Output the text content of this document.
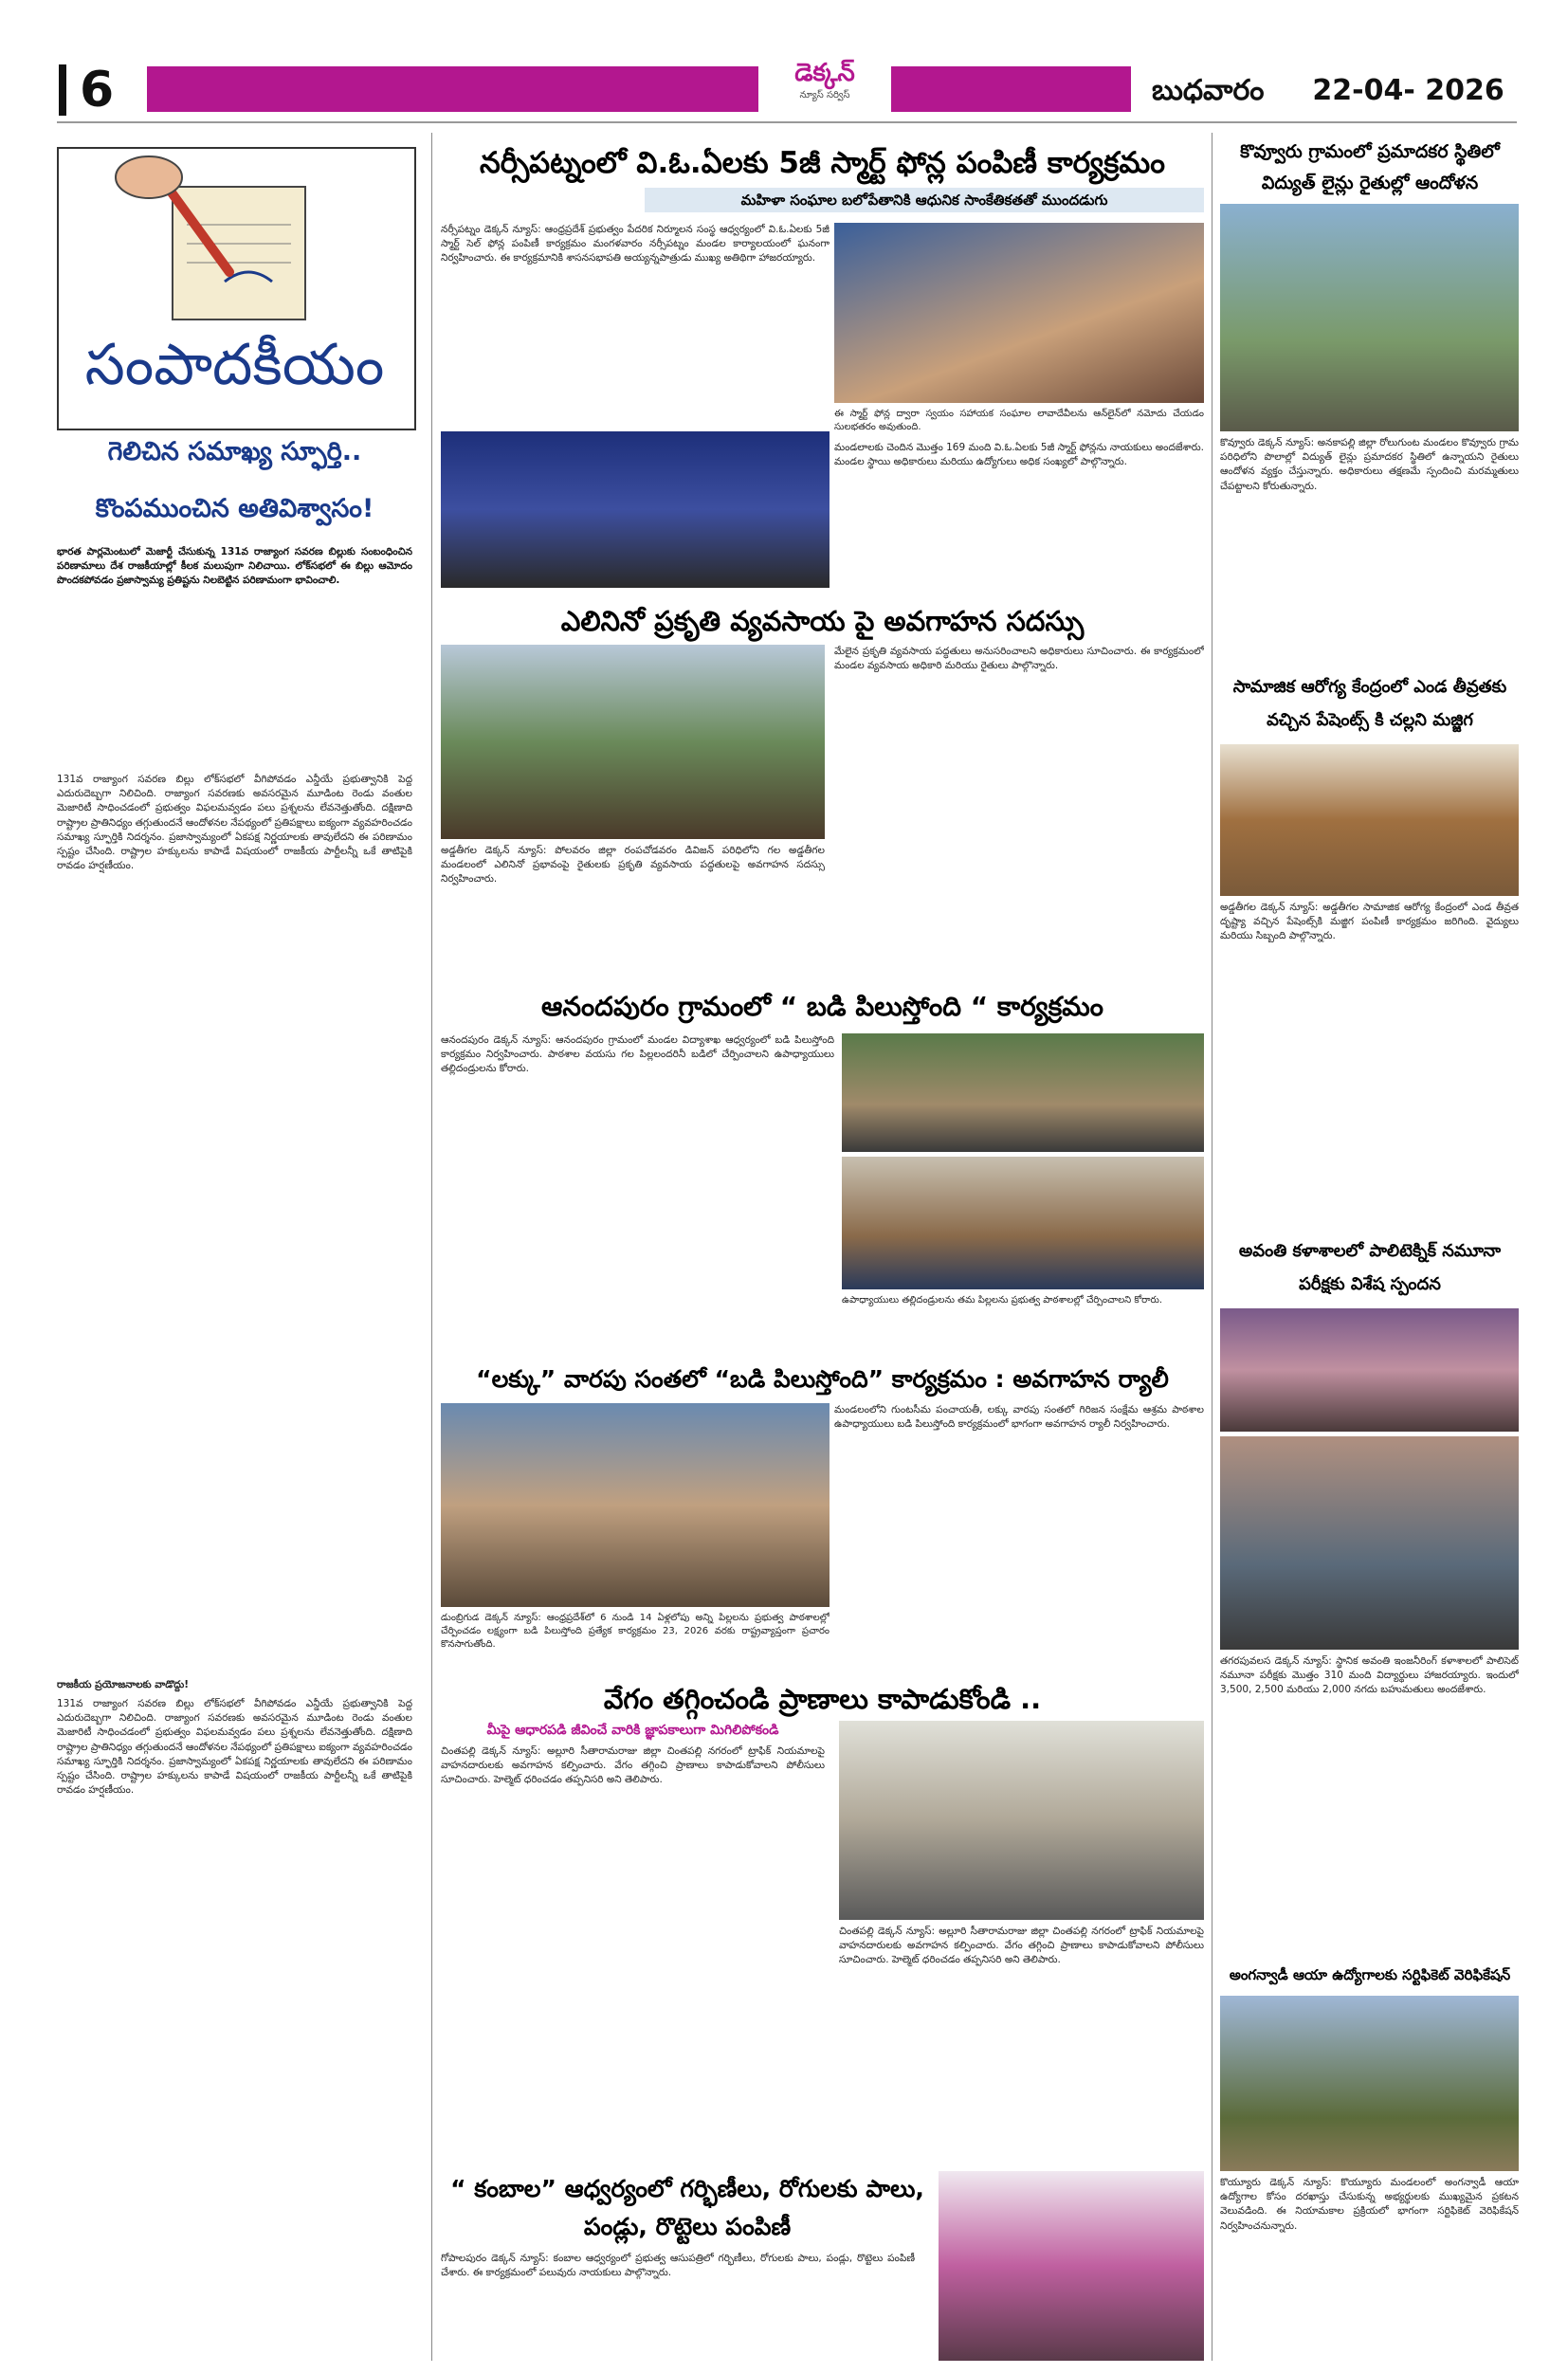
6	డెక్కన్
న్యూస్ సర్విస్	బుధవారం 22-04- 2026
సంపాదకీయం
గెలిచిన సమాఖ్య స్ఫూర్తి..
కొంపముంచిన అతివిశ్వాసం!
భారత పార్లమెంటులో మెజార్టీ చేసుకున్న 131వ రాజ్యాంగ సవరణ బిల్లుకు సంబంధించిన పరిణామాలు దేశ రాజకీయాల్లో కీలక మలుపుగా నిలిచాయి. లోక్‌సభలో ఈ బిల్లు ఆమోదం పొందకపోవడం ప్రజాస్వామ్య ప్రతిష్టను నిలబెట్టిన పరిణామంగా భావించాలి.
131వ రాజ్యాంగ సవరణ బిల్లు లోక్‌సభలో వీగిపోవడం ఎన్డీయే ప్రభుత్వానికి పెద్ద ఎదురుదెబ్బగా నిలిచింది. రాజ్యాంగ సవరణకు అవసరమైన మూడింట రెండు వంతుల మెజారిటీ సాధించడంలో ప్రభుత్వం విఫలమవ్వడం పలు ప్రశ్నలను లేవనెత్తుతోంది. దక్షిణాది రాష్ట్రాల ప్రాతినిధ్యం తగ్గుతుందనే ఆందోళనల నేపథ్యంలో ప్రతిపక్షాలు ఐక్యంగా వ్యవహరించడం సమాఖ్య స్ఫూర్తికి నిదర్శనం. ప్రజాస్వామ్యంలో ఏకపక్ష నిర్ణయాలకు తావులేదని ఈ పరిణామం స్పష్టం చేసింది. రాష్ట్రాల హక్కులను కాపాడే విషయంలో రాజకీయ పార్టీలన్నీ ఒకే తాటిపైకి రావడం హర్షణీయం.
రాజకీయ ప్రయోజనాలకు వాడొద్దు!
131వ రాజ్యాంగ సవరణ బిల్లు లోక్‌సభలో వీగిపోవడం ఎన్డీయే ప్రభుత్వానికి పెద్ద ఎదురుదెబ్బగా నిలిచింది. రాజ్యాంగ సవరణకు అవసరమైన మూడింట రెండు వంతుల మెజారిటీ సాధించడంలో ప్రభుత్వం విఫలమవ్వడం పలు ప్రశ్నలను లేవనెత్తుతోంది. దక్షిణాది రాష్ట్రాల ప్రాతినిధ్యం తగ్గుతుందనే ఆందోళనల నేపథ్యంలో ప్రతిపక్షాలు ఐక్యంగా వ్యవహరించడం సమాఖ్య స్ఫూర్తికి నిదర్శనం. ప్రజాస్వామ్యంలో ఏకపక్ష నిర్ణయాలకు తావులేదని ఈ పరిణామం స్పష్టం చేసింది. రాష్ట్రాల హక్కులను కాపాడే విషయంలో రాజకీయ పార్టీలన్నీ ఒకే తాటిపైకి రావడం హర్షణీయం.
నర్సీపట్నంలో వి.ఓ.ఏలకు 5జీ స్మార్ట్ ఫోన్ల పంపిణీ కార్యక్రమం
మహిళా సంఘాల బలోపేతానికి ఆధునిక సాంకేతికతతో ముందడుగు
నర్సీపట్నం డెక్కన్ న్యూస్: ఆంధ్రప్రదేశ్ ప్రభుత్వం పేదరిక నిర్మూలన సంస్థ ఆధ్వర్యంలో వి.ఓ.ఏలకు 5జీ స్మార్ట్ సెల్ ఫోన్ల పంపిణీ కార్యక్రమం మంగళవారం నర్సీపట్నం మండల కార్యాలయంలో ఘనంగా నిర్వహించారు. ఈ కార్యక్రమానికి శాసనసభాపతి అయ్యన్నపాత్రుడు ముఖ్య అతిథిగా హాజరయ్యారు.
ఈ స్మార్ట్ ఫోన్ల ద్వారా స్వయం సహాయక సంఘాల లావాదేవీలను ఆన్‌లైన్‌లో నమోదు చేయడం సులభతరం అవుతుంది.
మండలాలకు చెందిన మొత్తం 169 మంది వి.ఓ.ఏలకు 5జీ స్మార్ట్ ఫోన్లను నాయకులు అందజేశారు. మండల స్థాయి అధికారులు మరియు ఉద్యోగులు అధిక సంఖ్యలో పాల్గొన్నారు.
ఎలినినో ప్రకృతి వ్యవసాయ పై అవగాహన సదస్సు
అడ్డతీగల డెక్కన్ న్యూస్: పోలవరం జిల్లా రంపచోడవరం డివిజన్ పరిధిలోని గల అడ్డతీగల మండలంలో ఎలినినో ప్రభావంపై రైతులకు ప్రకృతి వ్యవసాయ పద్ధతులపై అవగాహన సదస్సు నిర్వహించారు.
మేలైన ప్రకృతి వ్యవసాయ పద్ధతులు అనుసరించాలని అధికారులు సూచించారు. ఈ కార్యక్రమంలో మండల వ్యవసాయ అధికారి మరియు రైతులు పాల్గొన్నారు.
ఆనందపురం గ్రామంలో “ బడి పిలుస్తోంది “ కార్యక్రమం
ఆనందపురం డెక్కన్ న్యూస్: ఆనందపురం గ్రామంలో మండల విద్యాశాఖ ఆధ్వర్యంలో బడి పిలుస్తోంది కార్యక్రమం నిర్వహించారు. పాఠశాల వయసు గల పిల్లలందరినీ బడిలో చేర్పించాలని ఉపాధ్యాయులు తల్లిదండ్రులను కోరారు.
ఉపాధ్యాయులు తల్లిదండ్రులను తమ పిల్లలను ప్రభుత్వ పాఠశాలల్లో చేర్పించాలని కోరారు.
“లక్కు” వారపు సంతలో “బడి పిలుస్తోంది” కార్యక్రమం : అవగాహన ర్యాలీ
డుంబ్రిగుడ డెక్కన్ న్యూస్: ఆంధ్రప్రదేశ్‌లో 6 నుండి 14 ఏళ్లలోపు అన్ని పిల్లలను ప్రభుత్వ పాఠశాలల్లో చేర్పించడం లక్ష్యంగా బడి పిలుస్తోంది ప్రత్యేక కార్యక్రమం 23, 2026 వరకు రాష్ట్రవ్యాప్తంగా ప్రచారం కొనసాగుతోంది.
మండలంలోని గుంటసీమ పంచాయతీ, లక్కు వారపు సంతలో గిరిజన సంక్షేమ ఆశ్రమ పాఠశాల ఉపాధ్యాయులు బడి పిలుస్తోంది కార్యక్రమంలో భాగంగా అవగాహన ర్యాలీ నిర్వహించారు.
వేగం తగ్గించండి ప్రాణాలు కాపాడుకోండి ..
మీపై ఆధారపడి జీవించే వారికి జ్ఞాపకాలుగా మిగిలిపోకండి
చింతపల్లి డెక్కన్ న్యూస్: అల్లూరి సీతారామరాజు జిల్లా చింతపల్లి నగరంలో ట్రాఫిక్ నియమాలపై వాహనదారులకు అవగాహన కల్పించారు. వేగం తగ్గించి ప్రాణాలు కాపాడుకోవాలని పోలీసులు సూచించారు. హెల్మెట్ ధరించడం తప్పనిసరి అని తెలిపారు.
చింతపల్లి డెక్కన్ న్యూస్: అల్లూరి సీతారామరాజు జిల్లా చింతపల్లి నగరంలో ట్రాఫిక్ నియమాలపై వాహనదారులకు అవగాహన కల్పించారు. వేగం తగ్గించి ప్రాణాలు కాపాడుకోవాలని పోలీసులు సూచించారు. హెల్మెట్ ధరించడం తప్పనిసరి అని తెలిపారు.
“ కంబాల” ఆధ్వర్యంలో గర్భిణీలు, రోగులకు పాలు,
పండ్లు, రొట్టెలు పంపిణీ
గోపాలపురం డెక్కన్ న్యూస్: కంబాల ఆధ్వర్యంలో ప్రభుత్వ ఆసుపత్రిలో గర్భిణీలు, రోగులకు పాలు, పండ్లు, రొట్టెలు పంపిణీ చేశారు. ఈ కార్యక్రమంలో పలువురు నాయకులు పాల్గొన్నారు.
కొవ్వూరు గ్రామంలో ప్రమాదకర స్థితిలో
విద్యుత్ లైన్లు రైతుల్లో ఆందోళన
కొవ్వూరు డెక్కన్ న్యూస్: అనకాపల్లి జిల్లా రోలుగుంట మండలం కొవ్వూరు గ్రామ పరిధిలోని పొలాల్లో విద్యుత్ లైన్లు ప్రమాదకర స్థితిలో ఉన్నాయని రైతులు ఆందోళన వ్యక్తం చేస్తున్నారు. అధికారులు తక్షణమే స్పందించి మరమ్మతులు చేపట్టాలని కోరుతున్నారు.
సామాజిక ఆరోగ్య కేంద్రంలో ఎండ తీవ్రతకు
వచ్చిన పేషెంట్స్ కి చల్లని మజ్జిగ
అడ్డతీగల డెక్కన్ న్యూస్: అడ్డతీగల సామాజిక ఆరోగ్య కేంద్రంలో ఎండ తీవ్రత దృష్ట్యా వచ్చిన పేషెంట్స్‌కి మజ్జిగ పంపిణీ కార్యక్రమం జరిగింది. వైద్యులు మరియు సిబ్బంది పాల్గొన్నారు.
అవంతి కళాశాలలో పాలిటెక్నిక్ నమూనా
పరీక్షకు విశేష స్పందన
తగరపువలస డెక్కన్ న్యూస్: స్థానిక అవంతి ఇంజనీరింగ్ కళాశాలలో పాలిసెట్ నమూనా పరీక్షకు మొత్తం 310 మంది విద్యార్థులు హాజరయ్యారు. ఇందులో 3,500, 2,500 మరియు 2,000 నగదు బహుమతులు అందజేశారు.
అంగన్వాడీ ఆయా ఉద్యోగాలకు సర్టిఫికెట్ వెరిఫికేషన్
కొయ్యూరు డెక్కన్ న్యూస్: కొయ్యూరు మండలంలో అంగన్వాడీ ఆయా ఉద్యోగాల కోసం దరఖాస్తు చేసుకున్న అభ్యర్థులకు ముఖ్యమైన ప్రకటన వెలువడింది. ఈ నియామకాల ప్రక్రియలో భాగంగా సర్టిఫికెట్ వెరిఫికేషన్ నిర్వహించనున్నారు.
